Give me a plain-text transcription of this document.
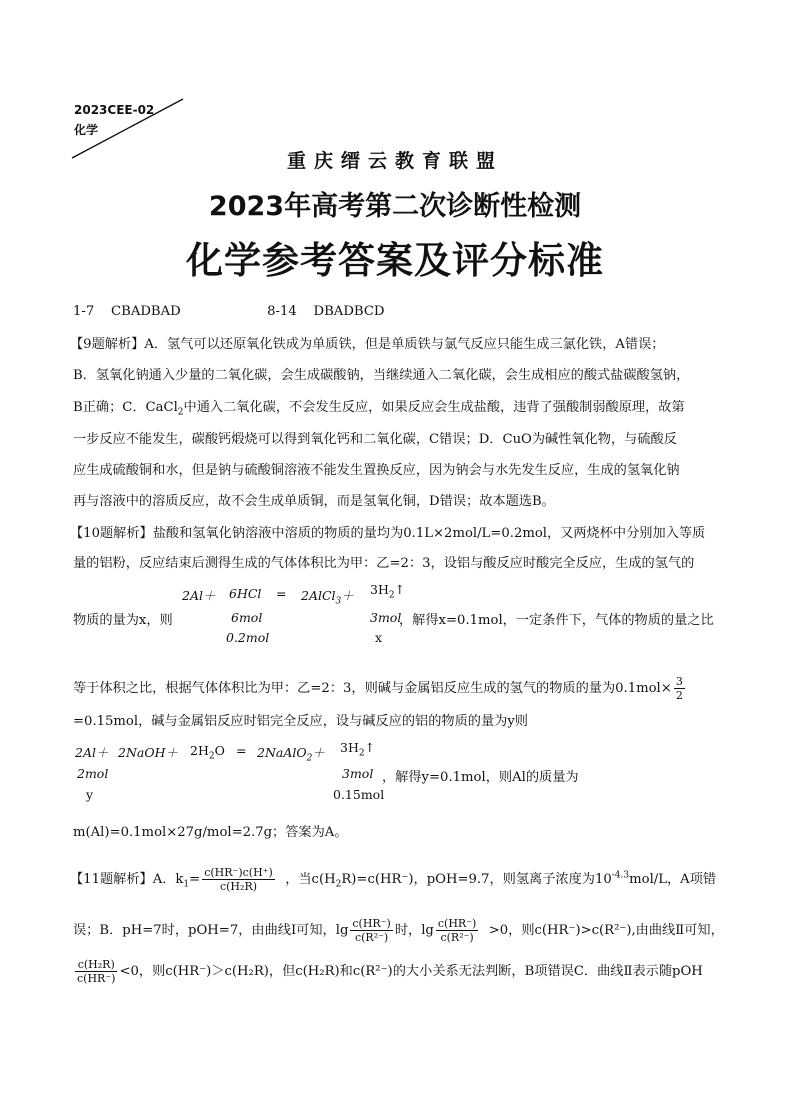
2023CEE-02
化学
重庆缙云教育联盟
2023年高考第二次诊断性检测
化学参考答案及评分标准
1-7 CBADBAD	8-14 DBADBCD
【9题解析】A．氢气可以还原氧化铁成为单质铁，但是单质铁与氯气反应只能生成三氯化铁，A错误；
B．氢氧化钠通入少量的二氧化碳，会生成碳酸钠，当继续通入二氧化碳，会生成相应的酸式盐碳酸氢钠，
B正确；C．CaCl$_2$中通入二氧化碳，不会发生反应，如果反应会生成盐酸，违背了强酸制弱酸原理，故第
一步反应不能发生，碳酸钙煅烧可以得到氧化钙和二氧化碳，C错误；D．CuO为碱性氧化物，与硫酸反
应生成硫酸铜和水，但是钠与硫酸铜溶液不能发生置换反应，因为钠会与水先发生反应，生成的氢氧化钠
再与溶液中的溶质反应，故不会生成单质铜，而是氢氧化铜，D错误；故本题选B。
【10题解析】盐酸和氢氧化钠溶液中溶质的物质的量均为0.1L×2mol/L=0.2mol，又两烧杯中分别加入等质
量的铝粉，反应结束后测得生成的气体体积比为甲：乙=2：3，设铝与酸反应时酸完全反应，生成的氢气的
2Al＋ 6HCl = 2AlCl$_3$＋ $3H_2↑$
6mol	3mol
0.2mol	x
物质的量为x，则	，解得x=0.1mol，一定条件下，气体的物质的量之比
等于体积之比，根据气体体积比为甲：乙=2：3，则碱与金属铝反应生成的氢气的物质的量为$0.1mol\times \frac{3}{2}$
=0.15mol，碱与金属铝反应时铝完全反应，设与碱反应的铝的物质的量为y则
2Al＋ 2NaOH＋ $2H_2O$ = 2NaAlO$_2$＋ $3H_2↑$
2mol	3mol
y	0.15mol
，解得y=0.1mol，则Al的质量为
m(Al)=0.1mol×27g/mol=2.7g；答案为A。
【11题解析】A．$k_1= \frac{c(HR^-)c(H^+)}{\text{c(H₂R)}}$ ，当$c(H_2R)=c(HR^-)$，pOH=9.7，则氢离子浓度为$10^{-4.3}mol/L$，A项错
误；B．pH=7时，pOH=7，由曲线Ⅰ可知，$\lg \frac{c(HR^-)}{\text{c(R²⁻)}}$ 时，$\lg \frac{c(HR^-)}{\text{c(R²⁻)}} >0$，则c(HR⁻)>c(R²⁻),由曲线Ⅱ可知，
$\frac{\text{c(H₂R)}}{c(HR^-)} <0$，则c(HR⁻)＞c(H₂R)，但c(H₂R)和c(R²⁻)的大小关系无法判断，B项错误C．曲线Ⅱ表示随pOH
